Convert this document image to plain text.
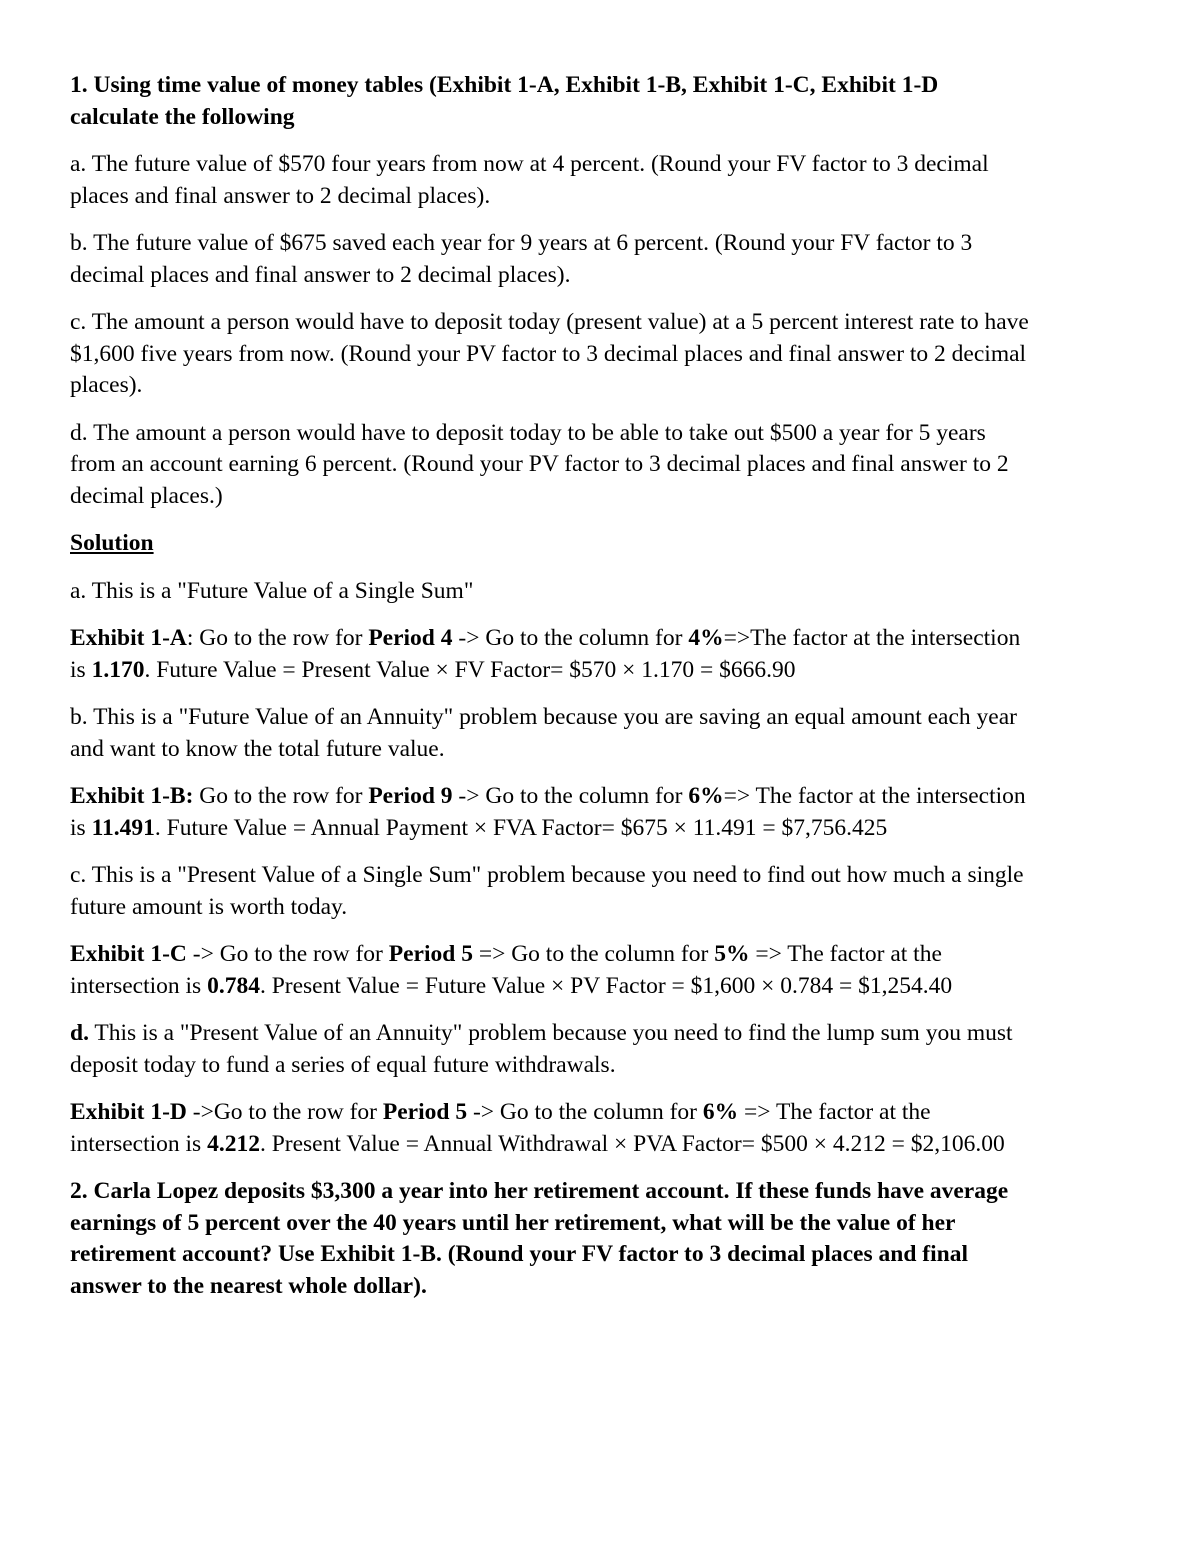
1. Using time value of money tables (Exhibit 1-A, Exhibit 1-B, Exhibit 1-C, Exhibit 1-D calculate the following

a. The future value of $570 four years from now at 4 percent. (Round your FV factor to 3 decimal places and final answer to 2 decimal places).

b. The future value of $675 saved each year for 9 years at 6 percent. (Round your FV factor to 3 decimal places and final answer to 2 decimal places).

c. The amount a person would have to deposit today (present value) at a 5 percent interest rate to have $1,600 five years from now. (Round your PV factor to 3 decimal places and final answer to 2 decimal places).

d. The amount a person would have to deposit today to be able to take out $500 a year for 5 years from an account earning 6 percent. (Round your PV factor to 3 decimal places and final answer to 2 decimal places.)

Solution

a. This is a "Future Value of a Single Sum"

Exhibit 1-A: Go to the row for Period 4 -> Go to the column for 4%=>The factor at the intersection is 1.170. Future Value = Present Value × FV Factor= $570 × 1.170 = $666.90

b. This is a "Future Value of an Annuity" problem because you are saving an equal amount each year and want to know the total future value.

Exhibit 1-B: Go to the row for Period 9 -> Go to the column for 6%=> The factor at the intersection is 11.491. Future Value = Annual Payment × FVA Factor= $675 × 11.491 = $7,756.425

c. This is a "Present Value of a Single Sum" problem because you need to find out how much a single future amount is worth today.

Exhibit 1-C -> Go to the row for Period 5 => Go to the column for 5% => The factor at the intersection is 0.784. Present Value = Future Value × PV Factor = $1,600 × 0.784 = $1,254.40

d. This is a "Present Value of an Annuity" problem because you need to find the lump sum you must deposit today to fund a series of equal future withdrawals.

Exhibit 1-D ->Go to the row for Period 5 -> Go to the column for 6% => The factor at the intersection is 4.212. Present Value = Annual Withdrawal × PVA Factor= $500 × 4.212 = $2,106.00

2. Carla Lopez deposits $3,300 a year into her retirement account. If these funds have average earnings of 5 percent over the 40 years until her retirement, what will be the value of her retirement account? Use Exhibit 1-B. (Round your FV factor to 3 decimal places and final answer to the nearest whole dollar).
